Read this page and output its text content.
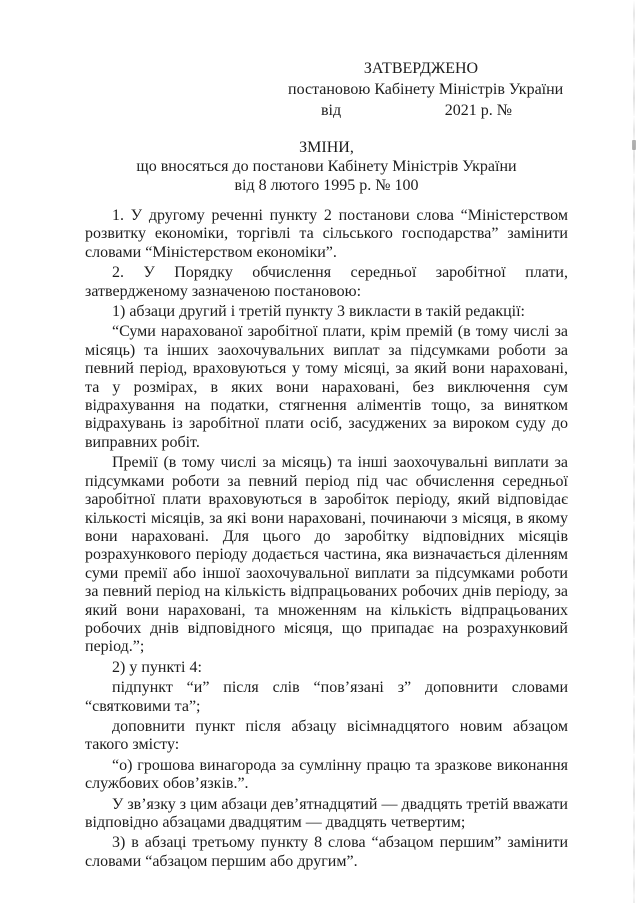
ЗАТВЕРДЖЕНО
постановою Кабінету Міністрів України
від	2021 р. №
ЗМІНИ,
що вносяться до постанови Кабінету Міністрів України
від 8 лютого 1995 р. № 100

1. У другому реченні пункту 2 постанови слова “Міністерством розвитку економіки, торгівлі та сільського господарства” замінити словами “Міністерством економіки”.

2. У Порядку обчислення середньої заробітної плати, затвердженому зазначеною постановою:

1) абзаци другий і третій пункту 3 викласти в такій редакції:

“Суми нарахованої заробітної плати, крім премій (в тому числі за місяць) та інших заохочувальних виплат за підсумками роботи за певний період, враховуються у тому місяці, за який вони нараховані, та у розмірах, в яких вони нараховані, без виключення сум відрахування на податки, стягнення аліментів тощо, за винятком відрахувань із заробітної плати осіб, засуджених за вироком суду до виправних робіт.

Премії (в тому числі за місяць) та інші заохочувальні виплати за підсумками роботи за певний період під час обчислення середньої заробітної плати враховуються в заробіток періоду, який відповідає кількості місяців, за які вони нараховані, починаючи з місяця, в якому вони нараховані. Для цього до заробітку відповідних місяців розрахункового періоду додається частина, яка визначається діленням суми премії або іншої заохочувальної виплати за підсумками роботи за певний період на кількість відпрацьованих робочих днів періоду, за який вони нараховані, та множенням на кількість відпрацьованих робочих днів відповідного місяця, що припадає на розрахунковий період.”;

2) у пункті 4:

підпункт “и” після слів “пов’язані з” доповнити словами “святковими та”;

доповнити пункт після абзацу вісімнадцятого новим абзацом такого змісту:

“о) грошова винагорода за сумлінну працю та зразкове виконання службових обов’язків.”.

У зв’язку з цим абзаци дев’ятнадцятий — двадцять третій вважати відповідно абзацами двадцятим — двадцять четвертим;

3) в абзаці третьому пункту 8 слова “абзацом першим” замінити словами “абзацом першим або другим”.
